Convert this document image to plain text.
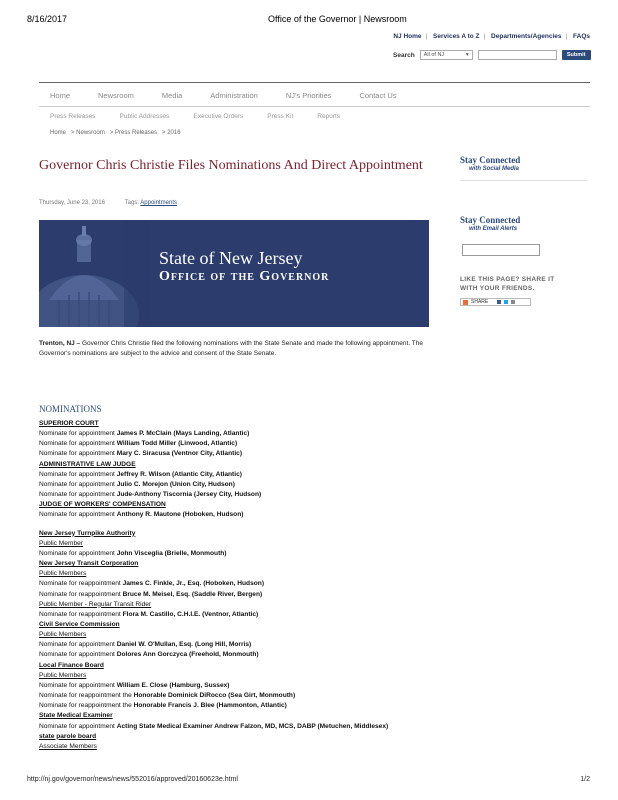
8/16/2017	Office of the Governor | Newsroom
NJ Home | Services A to Z | Departments/Agencies | FAQs
Search All of NJ	▾	Submit
Home	Newsroom	Media	Administration	NJ's Priorities	Contact Us
Press Releases	Public Addresses	Executive Orders	Press Kit	Reports
Home   > Newsroom   > Press Releases   > 2016
Governor Chris Christie Files Nominations And Direct Appointment
Thursday, June 23, 2016	Tags: Appointments
State of New Jersey
Office of the Governor
Trenton, NJ – Governor Chris Christie filed the following nominations with the State Senate and made the following appointment. The Governor's nominations are subject to the advice and consent of the State Senate.
NOMINATIONS
SUPERIOR COURT
Nominate for appointment James P. McClain (Mays Landing, Atlantic)
Nominate for appointment William Todd Miller (Linwood, Atlantic)
Nominate for appointment Mary C. Siracusa (Ventnor City, Atlantic)
ADMINISTRATIVE LAW JUDGE
Nominate for appointment Jeffrey R. Wilson (Atlantic City, Atlantic)
Nominate for appointment Julio C. Morejon (Union City, Hudson)
Nominate for appointment Jude-Anthony Tiscornia (Jersey City, Hudson)
JUDGE OF WORKERS' COMPENSATION
Nominate for appointment Anthony R. Mautone (Hoboken, Hudson)
New Jersey Turnpike Authority
Public Member
Nominate for appointment John Visceglia (Brielle, Monmouth)
New Jersey Transit Corporation
Public Members
Nominate for reappointment James C. Finkle, Jr., Esq. (Hoboken, Hudson)
Nominate for reappointment Bruce M. Meisel, Esq. (Saddle River, Bergen)
Public Member - Regular Transit Rider
Nominate for reappointment Flora M. Castillo, C.H.I.E. (Ventnor, Atlantic)
Civil Service Commission
Public Members
Nominate for appointment Daniel W. O'Mullan, Esq. (Long Hill, Morris)
Nominate for appointment Dolores Ann Gorczyca (Freehold, Monmouth)
Local Finance Board
Public Members
Nominate for appointment William E. Close (Hamburg, Sussex)
Nominate for reappointment the Honorable Dominick DiRocco (Sea Girt, Monmouth)
Nominate for reappointment the Honorable Francis J. Blee (Hammonton, Atlantic)
State Medical Examiner
Nominate for appointment Acting State Medical Examiner Andrew Falzon, MD, MCS, DABP (Metuchen, Middlesex)
state parole board
Associate Members
Stay Connected
with Social Media
Stay Connected
with Email Alerts
LIKE THIS PAGE? SHARE IT
WITH YOUR FRIENDS.
SHARE
http://nj.gov/governor/news/news/552016/approved/20160623e.html	1/2
